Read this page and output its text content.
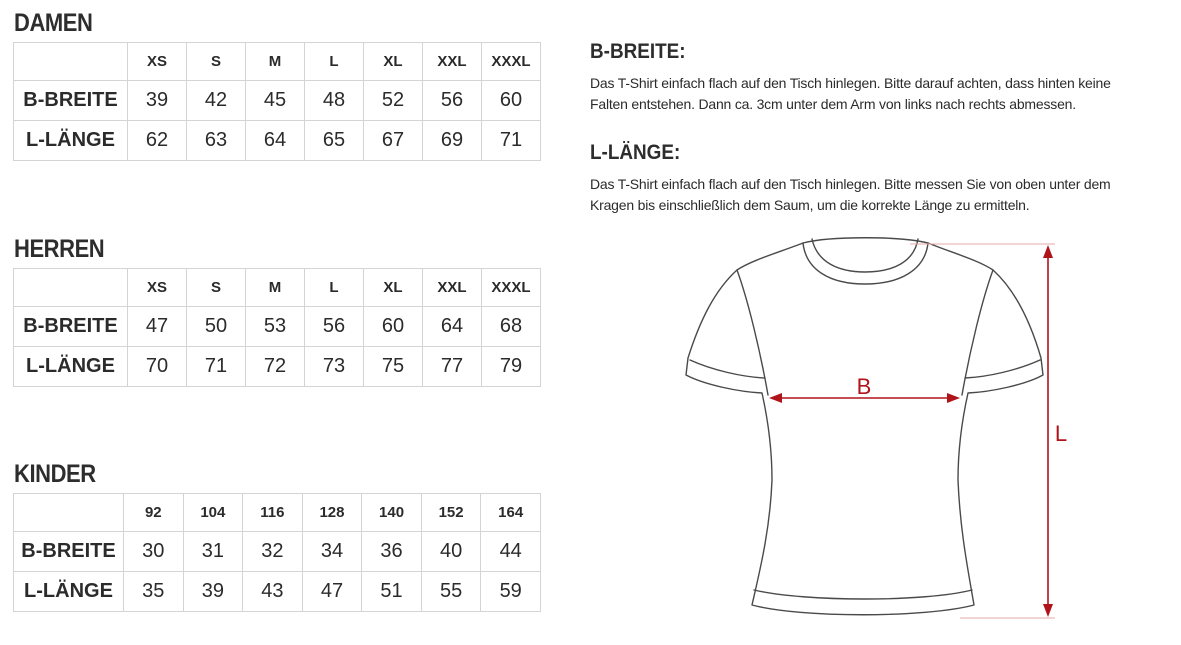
DAMEN
	XS	S	M	L	XL	XXL	XXXL
B-BREITE	39	42	45	48	52	56	60
L-LÄNGE	62	63	64	65	67	69	71
HERREN
	XS	S	M	L	XL	XXL	XXXL
B-BREITE	47	50	53	56	60	64	68
L-LÄNGE	70	71	72	73	75	77	79
KINDER
	92	104	116	128	140	152	164
B-BREITE	30	31	32	34	36	40	44
L-LÄNGE	35	39	43	47	51	55	59
B-BREITE:

Das T-Shirt einfach flach auf den Tisch hinlegen. Bitte darauf achten, dass hinten keine
Falten entstehen. Dann ca. 3cm unter dem Arm von links nach rechts abmessen.

L-LÄNGE:

Das T-Shirt einfach flach auf den Tisch hinlegen. Bitte messen Sie von oben unter dem
Kragen bis einschließlich dem Saum, um die korrekte Länge zu ermitteln.

B
L
